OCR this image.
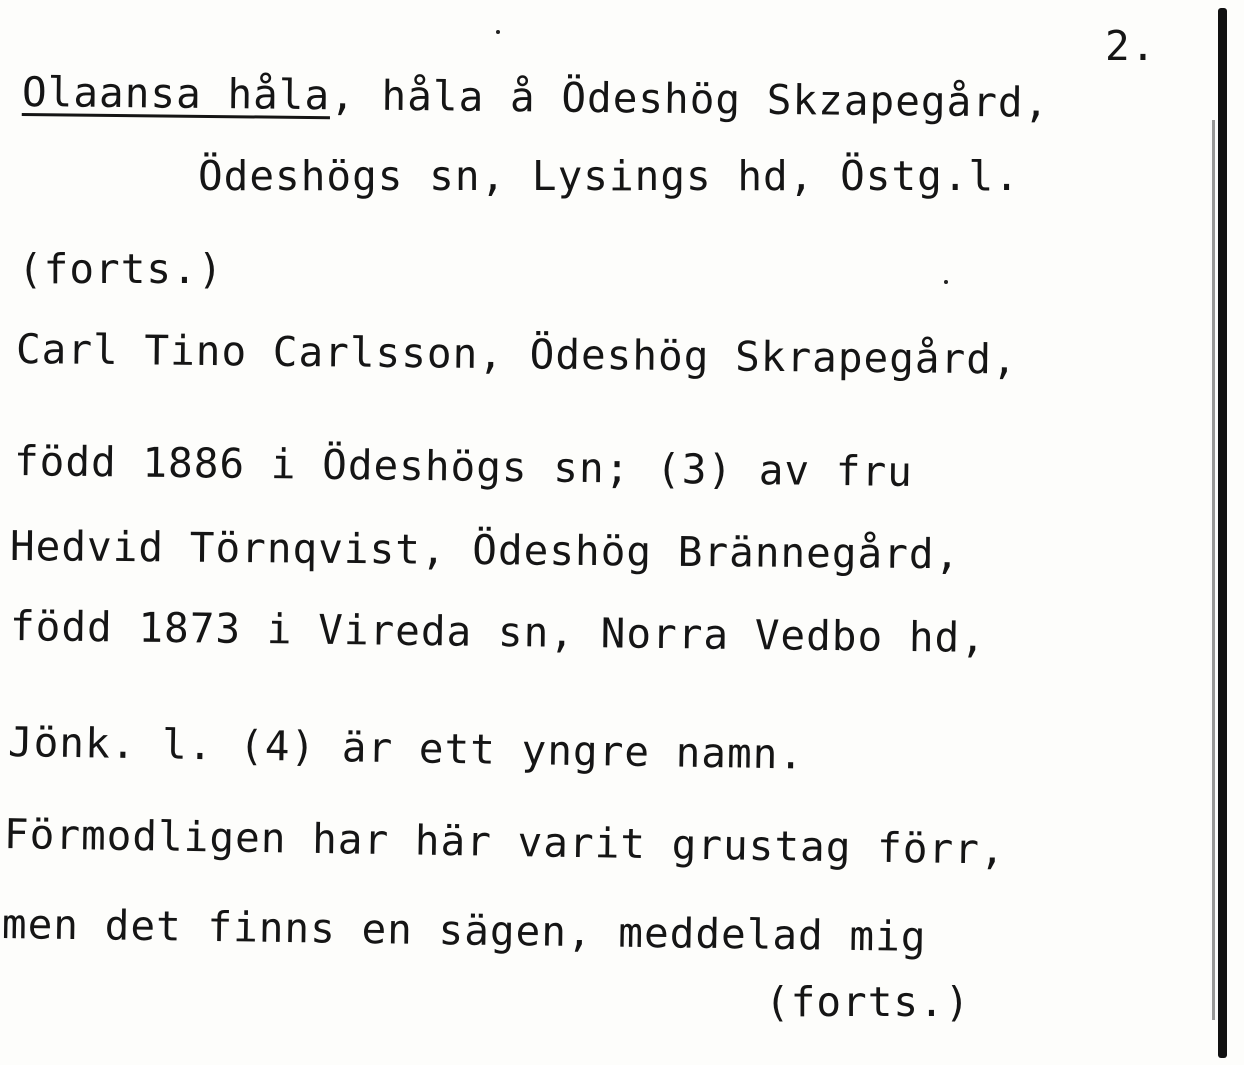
2.
Olaansa håla, håla å Ödeshög Skzapegård,
Ödeshögs sn, Lysings hd, Östg.l.
(forts.)
Carl Tino Carlsson, Ödeshög Skrapegård,
född 1886 i Ödeshögs sn; (3) av fru
Hedvid Törnqvist, Ödeshög Brännegård,
född 1873 i Vireda sn, Norra Vedbo hd,
Jönk. l. (4) är ett yngre namn.
Förmodligen har här varit grustag förr,
men det finns en sägen, meddelad mig
(forts.)
